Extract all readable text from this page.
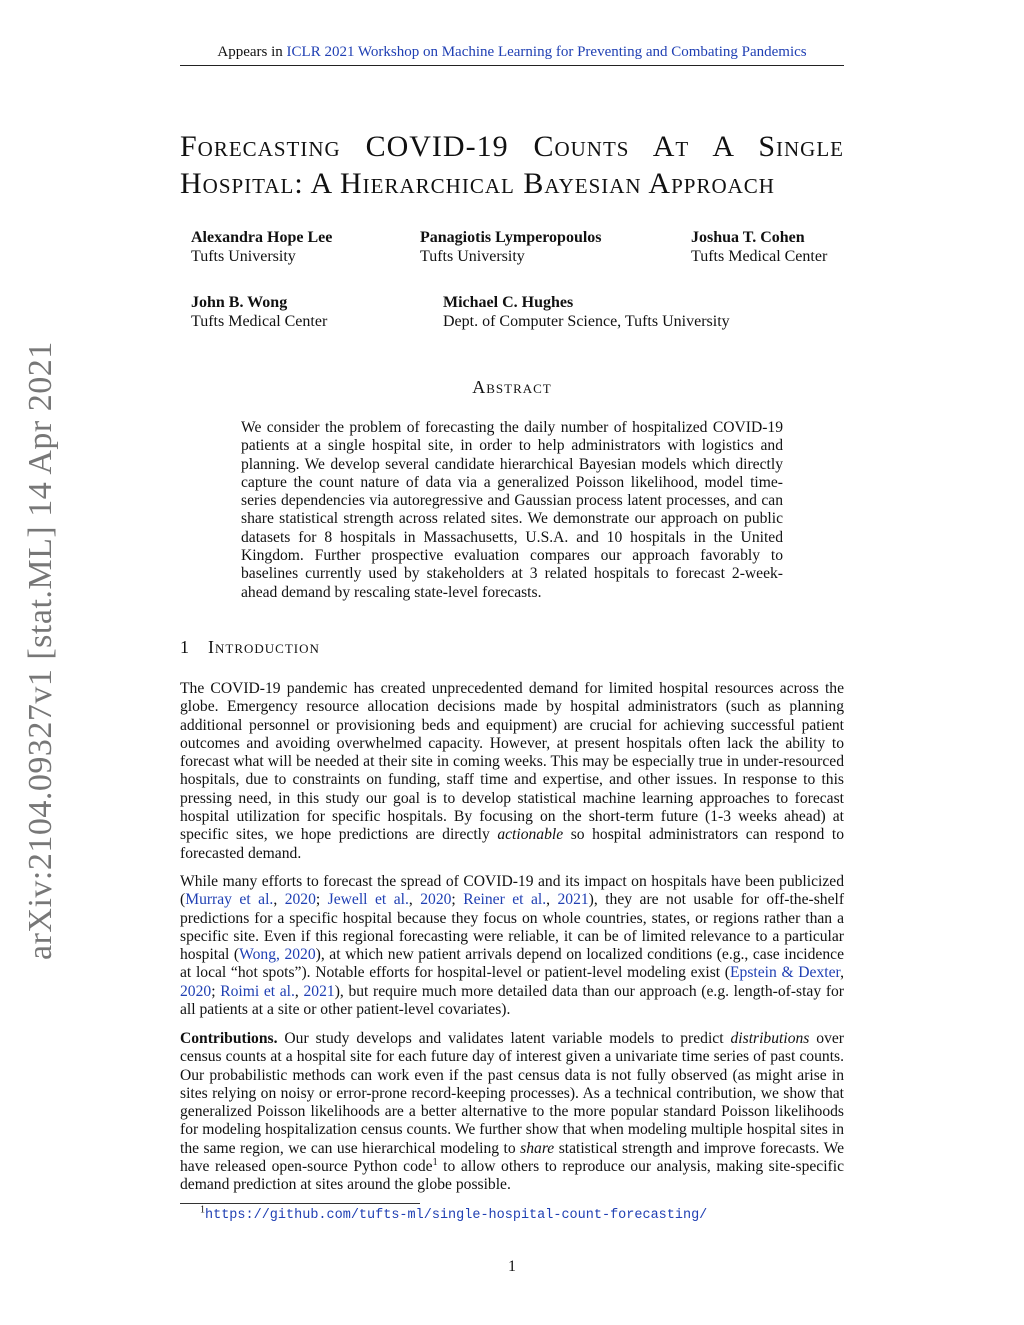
arXiv:2104.09327v1 [stat.ML] 14 Apr 2021
Appears in ICLR 2021 Workshop on Machine Learning for Preventing and Combating Pandemics
Forecasting COVID-19 Counts At A Single
Hospital: A Hierarchical Bayesian Approach
Alexandra Hope Lee
Tufts University
Panagiotis Lymperopoulos
Tufts University
Joshua T. Cohen
Tufts Medical Center
John B. Wong
Tufts Medical Center
Michael C. Hughes
Dept. of Computer Science, Tufts University
Abstract
We consider the problem of forecasting the daily number of hospitalized COVID-19 patients at a single hospital site, in order to help administrators with logistics and planning. We develop several candidate hierarchical Bayesian models which directly capture the count nature of data via a generalized Poisson likelihood, model time-series dependencies via autoregressive and Gaussian process latent processes, and can share statistical strength across related sites. We demonstrate our approach on public datasets for 8 hospitals in Massachusetts, U.S.A. and 10 hospitals in the United Kingdom. Further prospective evaluation compares our approach favorably to baselines currently used by stakeholders at 3 related hospitals to forecast 2-week-ahead demand by rescaling state-level forecasts.
1 Introduction
The COVID-19 pandemic has created unprecedented demand for limited hospital resources across the globe. Emergency resource allocation decisions made by hospital administrators (such as planning additional personnel or provisioning beds and equipment) are crucial for achieving successful patient outcomes and avoiding overwhelmed capacity. However, at present hospitals often lack the ability to forecast what will be needed at their site in coming weeks. This may be especially true in under-resourced hospitals, due to constraints on funding, staff time and expertise, and other issues. In response to this pressing need, in this study our goal is to develop statistical machine learning approaches to forecast hospital utilization for specific hospitals. By focusing on the short-term future (1-3 weeks ahead) at specific sites, we hope predictions are directly actionable so hospital administrators can respond to forecasted demand.
While many efforts to forecast the spread of COVID-19 and its impact on hospitals have been publicized (Murray et al., 2020; Jewell et al., 2020; Reiner et al., 2021), they are not usable for off-the-shelf predictions for a specific hospital because they focus on whole countries, states, or regions rather than a specific site. Even if this regional forecasting were reliable, it can be of limited relevance to a particular hospital (Wong, 2020), at which new patient arrivals depend on localized conditions (e.g., case incidence at local “hot spots”). Notable efforts for hospital-level or patient-level modeling exist (Epstein & Dexter, 2020; Roimi et al., 2021), but require much more detailed data than our approach (e.g. length-of-stay for all patients at a site or other patient-level covariates).
Contributions. Our study develops and validates latent variable models to predict distributions over census counts at a hospital site for each future day of interest given a univariate time series of past counts. Our probabilistic methods can work even if the past census data is not fully observed (as might arise in sites relying on noisy or error-prone record-keeping processes). As a technical contribution, we show that generalized Poisson likelihoods are a better alternative to the more popular standard Poisson likelihoods for modeling hospitalization census counts. We further show that when modeling multiple hospital sites in the same region, we can use hierarchical modeling to share statistical strength and improve forecasts. We have released open-source Python code$^1$ to allow others to reproduce our analysis, making site-specific demand prediction at sites around the globe possible.
$^1$https://github.com/tufts-ml/single-hospital-count-forecasting/
1
